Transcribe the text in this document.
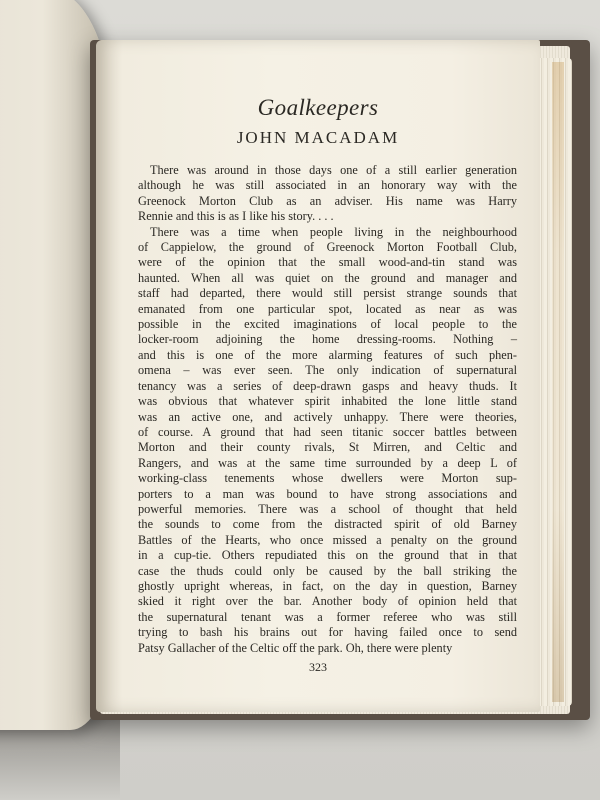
Goalkeepers
JOHN MACADAM
There was around in those days one of a still earlier generation
although he was still associated in an honorary way with the
Greenock Morton Club as an adviser. His name was Harry
Rennie and this is as I like his story. . . .
There was a time when people living in the neighbourhood
of Cappielow, the ground of Greenock Morton Football Club,
were of the opinion that the small wood-and-tin stand was
haunted. When all was quiet on the ground and manager and
staff had departed, there would still persist strange sounds that
emanated from one particular spot, located as near as was
possible in the excited imaginations of local people to the
locker-room adjoining the home dressing-rooms. Nothing –
and this is one of the more alarming features of such phen-
omena – was ever seen. The only indication of supernatural
tenancy was a series of deep-drawn gasps and heavy thuds. It
was obvious that whatever spirit inhabited the lone little stand
was an active one, and actively unhappy. There were theories,
of course. A ground that had seen titanic soccer battles between
Morton and their county rivals, St Mirren, and Celtic and
Rangers, and was at the same time surrounded by a deep L of
working-class tenements whose dwellers were Morton sup-
porters to a man was bound to have strong associations and
powerful memories. There was a school of thought that held
the sounds to come from the distracted spirit of old Barney
Battles of the Hearts, who once missed a penalty on the ground
in a cup-tie. Others repudiated this on the ground that in that
case the thuds could only be caused by the ball striking the
ghostly upright whereas, in fact, on the day in question, Barney
skied it right over the bar. Another body of opinion held that
the supernatural tenant was a former referee who was still
trying to bash his brains out for having failed once to send
Patsy Gallacher of the Celtic off the park. Oh, there were plenty
323
